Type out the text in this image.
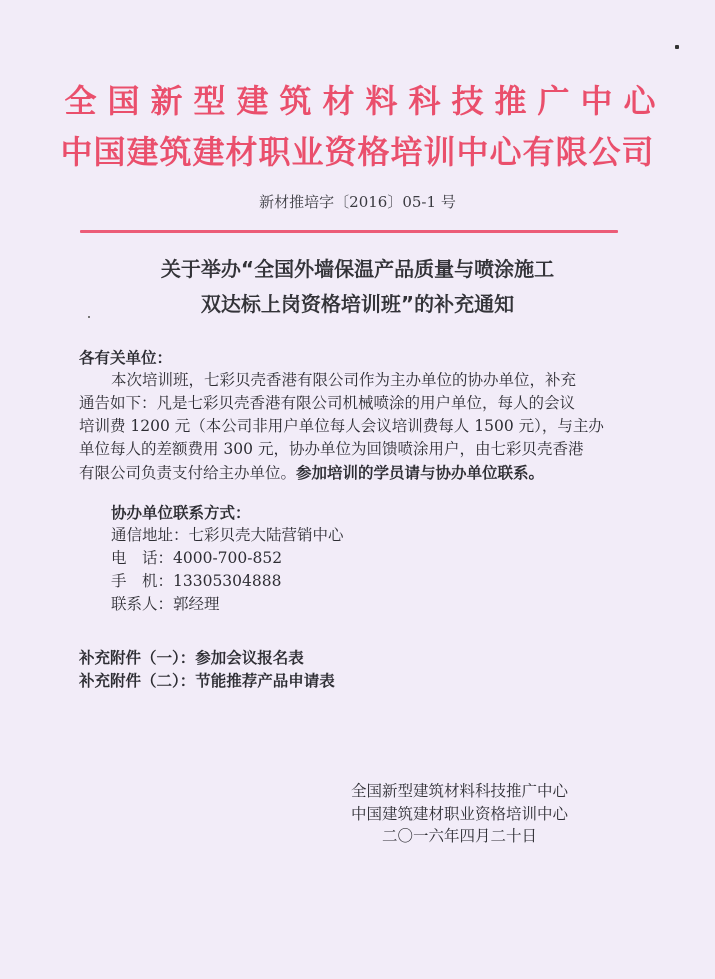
全国新型建筑材料科技推广中心
中国建筑建材职业资格培训中心有限公司
新材推培字〔2016〕05-1 号
关于举办“全国外墙保温产品质量与喷涂施工
双达标上岗资格培训班”的补充通知
各有关单位：
本次培训班，七彩贝壳香港有限公司作为主办单位的协办单位，补充
通告如下：凡是七彩贝壳香港有限公司机械喷涂的用户单位，每人的会议
培训费 1200 元（本公司非用户单位每人会议培训费每人 1500 元），与主办
单位每人的差额费用 300 元，协办单位为回馈喷涂用户，由七彩贝壳香港
有限公司负责支付给主办单位。参加培训的学员请与协办单位联系。
协办单位联系方式：
通信地址：七彩贝壳大陆营销中心
电　话：4000-700-852
手　机：13305304888
联系人：郭经理
补充附件（一）：参加会议报名表
补充附件（二）：节能推荐产品申请表
全国新型建筑材料科技推广中心
中国建筑建材职业资格培训中心
二〇一六年四月二十日
